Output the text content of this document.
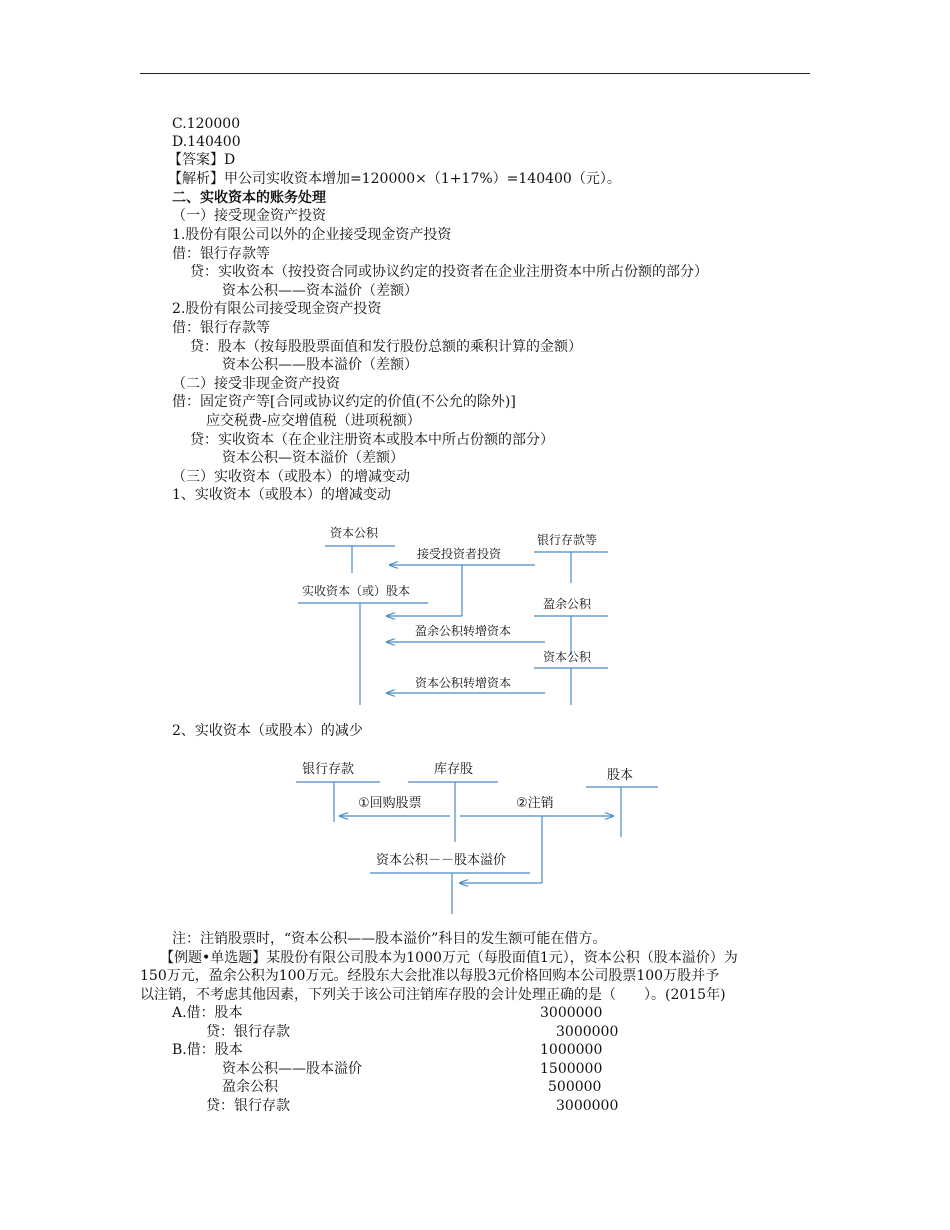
C.120000
D.140400
【答案】D
【解析】甲公司实收资本增加=120000×（1+17%）=140400（元）。
二、实收资本的账务处理
（一）接受现金资产投资
1.股份有限公司以外的企业接受现金资产投资
借：银行存款等
贷：实收资本（按投资合同或协议约定的投资者在企业注册资本中所占份额的部分）
资本公积——资本溢价（差额）
2.股份有限公司接受现金资产投资
借：银行存款等
贷：股本（按每股股票面值和发行股份总额的乘积计算的金额）
资本公积——股本溢价（差额）
（二）接受非现金资产投资
借：固定资产等[合同或协议约定的价值(不公允的除外)]
应交税费-应交增值税（进项税额）
贷：实收资本（在企业注册资本或股本中所占份额的部分）
资本公积—资本溢价（差额）
（三）实收资本（或股本）的增减变动
1、实收资本（或股本）的增减变动
资本公积	银行存款等
接受投资者投资
实收资本（或）股本
盈余公积
盈余公积转增资本
资本公积
资本公积转增资本
2、实收资本（或股本）的减少
银行存款	库存股	股本
①回购股票	②注销
资本公积－－股本溢价
注：注销股票时，“资本公积——股本溢价”科目的发生额可能在借方。
【例题•单选题】某股份有限公司股本为1000万元（每股面值1元），资本公积（股本溢价）为
150万元，盈余公积为100万元。经股东大会批准以每股3元价格回购本公司股票100万股并予
以注销，不考虑其他因素，下列关于该公司注销库存股的会计处理正确的是（　　）。(2015年)
A.借：股本	3000000
贷：银行存款	3000000
B.借：股本	1000000
资本公积——股本溢价	1500000
盈余公积	500000
贷：银行存款	3000000
